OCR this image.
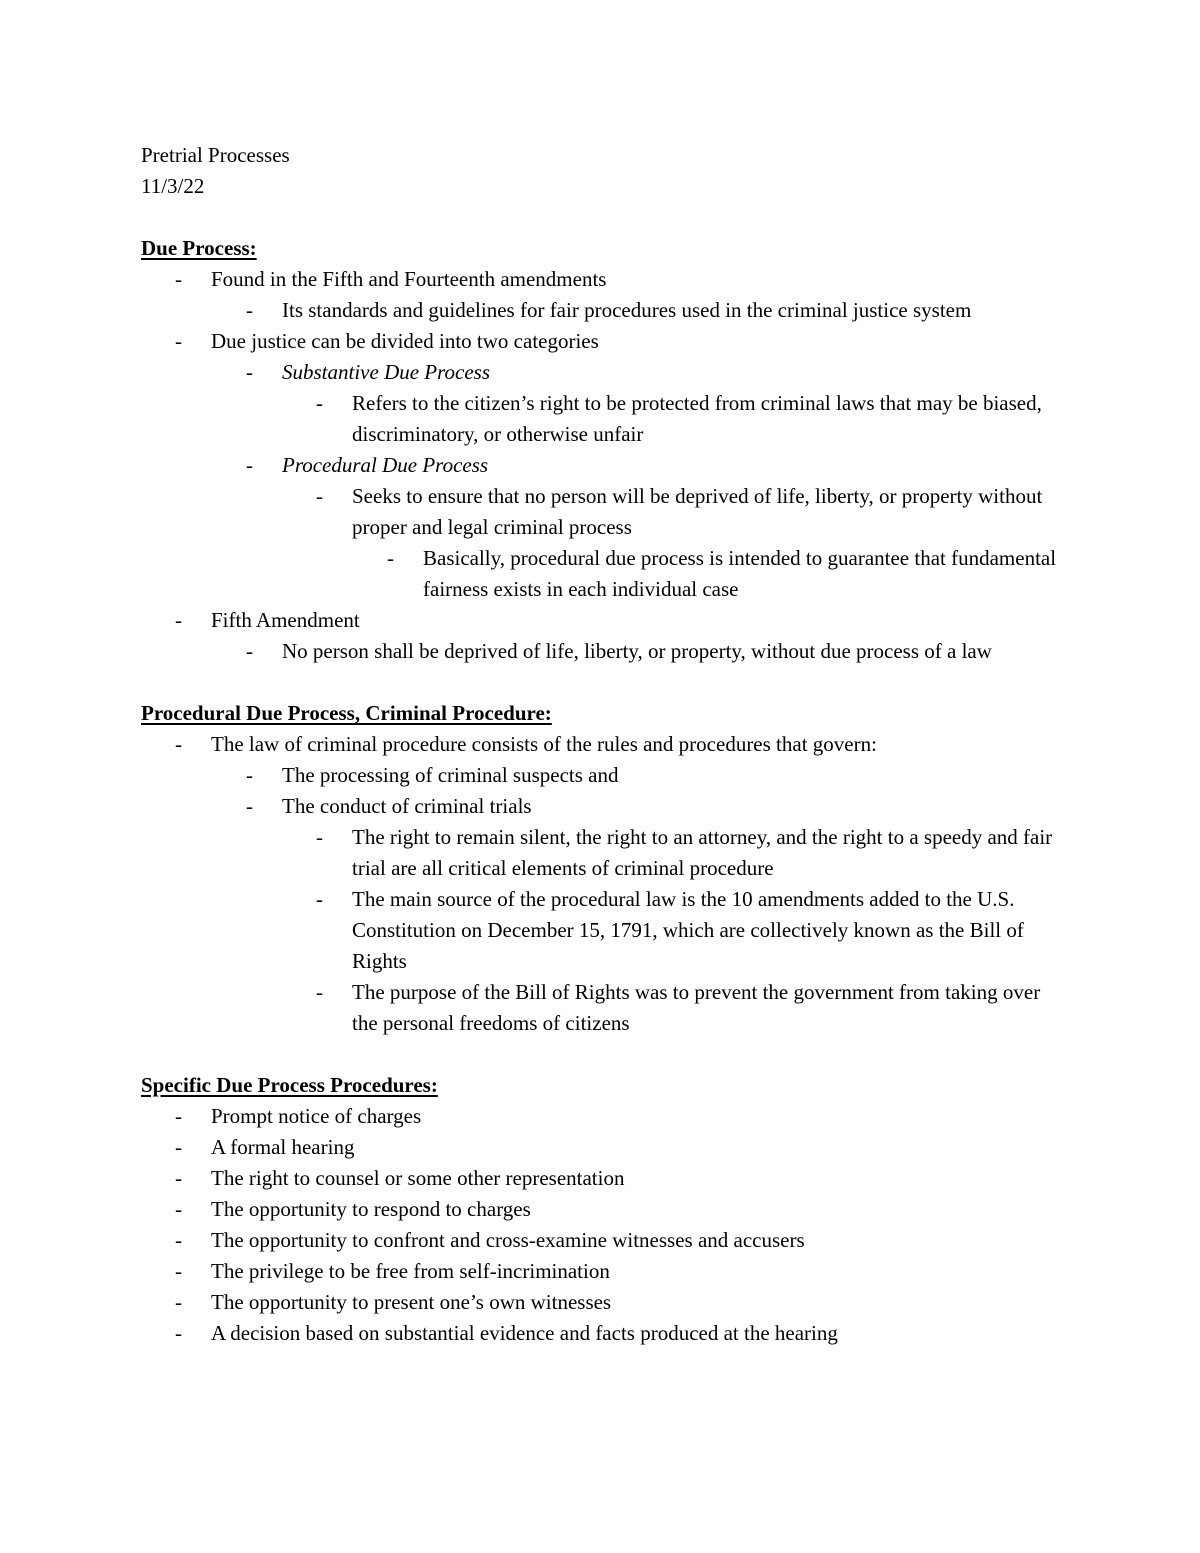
Pretrial Processes
11/3/22
Due Process:
- Found in the Fifth and Fourteenth amendments
- Its standards and guidelines for fair procedures used in the criminal justice system
- Due justice can be divided into two categories
- Substantive Due Process
- Refers to the citizen’s right to be protected from criminal laws that may be biased, discriminatory, or otherwise unfair
- Procedural Due Process
- Seeks to ensure that no person will be deprived of life, liberty, or property without proper and legal criminal process
- Basically, procedural due process is intended to guarantee that fundamental fairness exists in each individual case
- Fifth Amendment
- No person shall be deprived of life, liberty, or property, without due process of a law
Procedural Due Process, Criminal Procedure:
- The law of criminal procedure consists of the rules and procedures that govern:
- The processing of criminal suspects and
- The conduct of criminal trials
- The right to remain silent, the right to an attorney, and the right to a speedy and fair trial are all critical elements of criminal procedure
- The main source of the procedural law is the 10 amendments added to the U.S. Constitution on December 15, 1791, which are collectively known as the Bill of Rights
- The purpose of the Bill of Rights was to prevent the government from taking over the personal freedoms of citizens
Specific Due Process Procedures:
- Prompt notice of charges
- A formal hearing
- The right to counsel or some other representation
- The opportunity to respond to charges
- The opportunity to confront and cross-examine witnesses and accusers
- The privilege to be free from self-incrimination
- The opportunity to present one’s own witnesses
- A decision based on substantial evidence and facts produced at the hearing
